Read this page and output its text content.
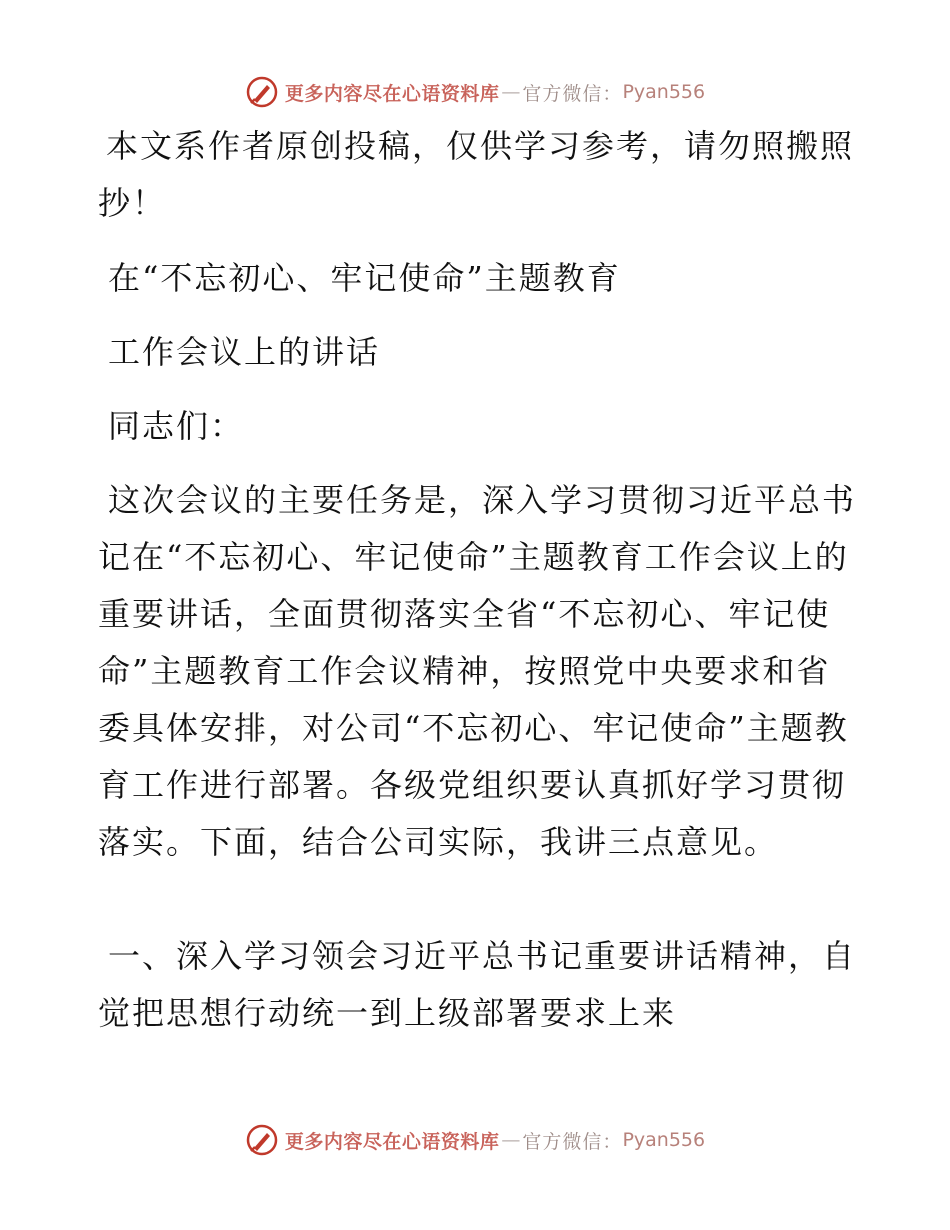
更多内容尽在心语资料库 — 官方微信： Pyan556
本文系作者原创投稿，仅供学习参考，请勿照搬照抄！
在“不忘初心、牢记使命”主题教育
工作会议上的讲话
同志们：
这次会议的主要任务是，深入学习贯彻习近平总书记在“不忘初心、牢记使命”主题教育工作会议上的重要讲话，全面贯彻落实全省“不忘初心、牢记使命”主题教育工作会议精神，按照党中央要求和省委具体安排，对公司“不忘初心、牢记使命”主题教育工作进行部署。各级党组织要认真抓好学习贯彻落实。下面，结合公司实际，我讲三点意见。
一、深入学习领会习近平总书记重要讲话精神，自觉把思想行动统一到上级部署要求上来
更多内容尽在心语资料库 — 官方微信： Pyan556
